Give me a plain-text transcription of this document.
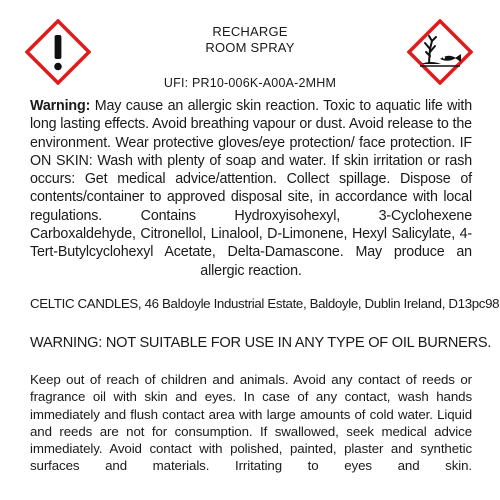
RECHARGE
ROOM SPRAY
UFI: PR10-006K-A00A-2MHM
Warning: May cause an allergic skin reaction. Toxic to aquatic life with long lasting effects. Avoid breathing vapour or dust. Avoid release to the environment. Wear protective gloves/eye protection/ face protection. IF ON SKIN: Wash with plenty of soap and water. If skin irritation or rash occurs: Get medical advice/attention. Collect spillage. Dispose of contents/container to approved disposal site, in accordance with local regulations. Contains Hydroxyisohexyl, 3-Cyclohexene Carboxaldehyde, Citronellol, Linalool, D-Limonene, Hexyl Salicylate, 4-Tert-Butylcyclohexyl Acetate, Delta-Damascone. May produce an allergic reaction.
CELTIC CANDLES, 46 Baldoyle Industrial Estate, Baldoyle, Dublin Ireland, D13pc98
WARNING: NOT SUITABLE FOR USE IN ANY TYPE OF OIL BURNERS.
Keep out of reach of children and animals. Avoid any contact of reeds or fragrance oil with skin and eyes. In case of any contact, wash hands immediately and flush contact area with large amounts of cold water. Liquid and reeds are not for consumption. If swallowed, seek medical advice immediately. Avoid contact with polished, painted, plaster and synthetic surfaces and materials. Irritating to eyes and skin.
